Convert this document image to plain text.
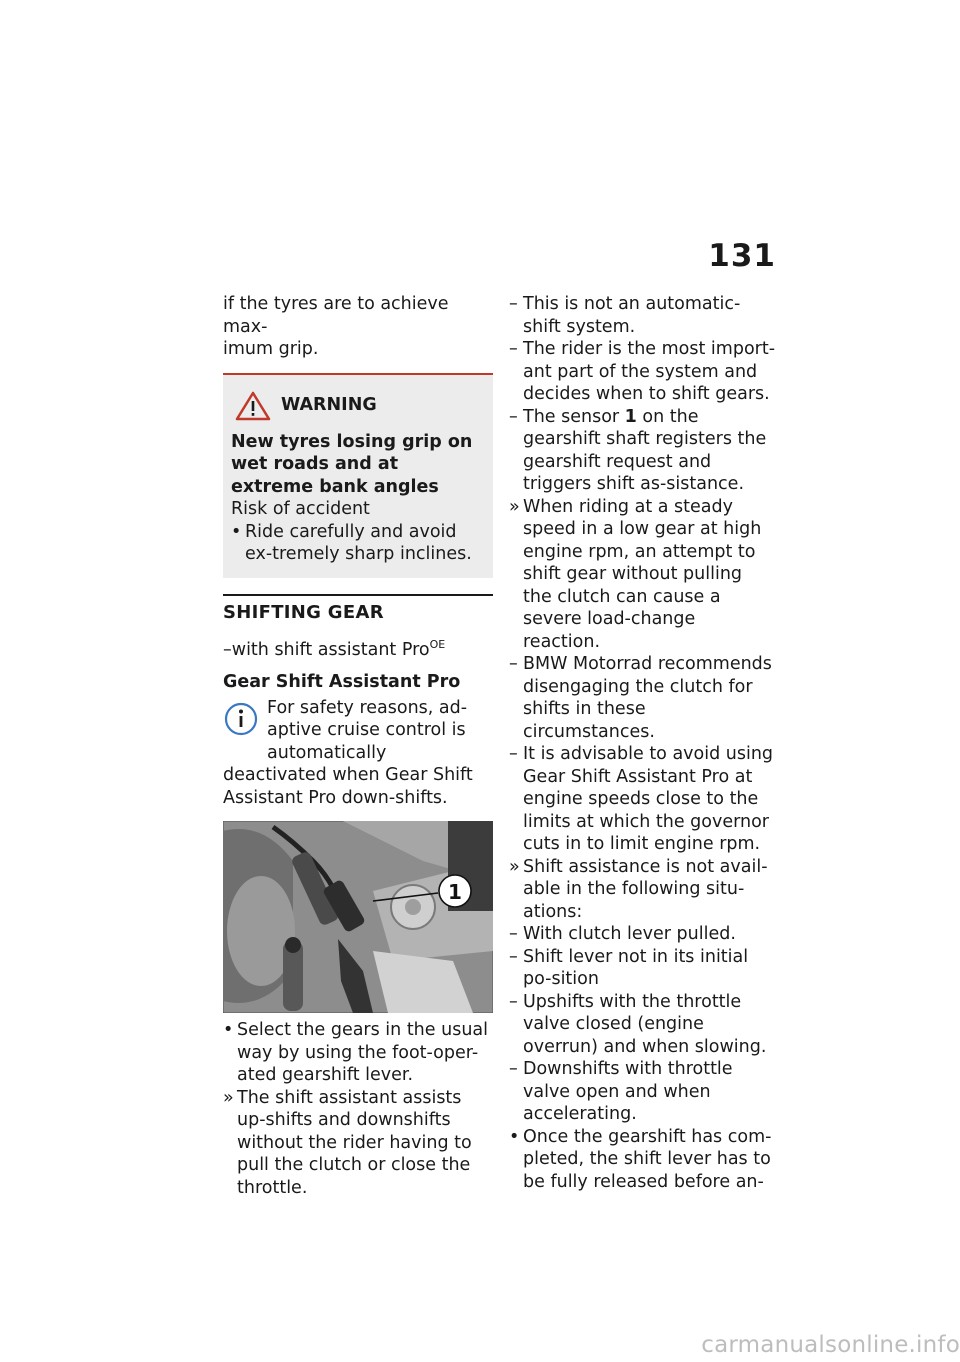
131

if the tyres are to achieve max-

imum grip.

WARNING

New tyres losing grip on wet roads and at extreme bank angles

Risk of accident

• Ride carefully and avoid ex-tremely sharp inclines.

SHIFTING GEAR

–with shift assistant Pro$^{OE}$

Gear Shift Assistant Pro

For safety reasons, ad-aptive cruise control is automatically deactivated when Gear Shift Assistant Pro down-shifts.
1
• Select the gears in the usual way by using the foot-oper-ated gearshift lever.
» The shift assistant assists up-shifts and downshifts without the rider having to pull the clutch or close the throttle.
– This is not an automatic-shift system.
– The rider is the most import-ant part of the system and decides when to shift gears.
– The sensor 1 on the gearshift shaft registers the gearshift request and triggers shift as-sistance.
» When riding at a steady speed in a low gear at high engine rpm, an attempt to shift gear without pulling the clutch can cause a severe load-change reaction.
– BMW Motorrad recommends disengaging the clutch for shifts in these circumstances.
– It is advisable to avoid using Gear Shift Assistant Pro at engine speeds close to the limits at which the governor cuts in to limit engine rpm.
» Shift assistance is not avail-able in the following situ-ations:
– With clutch lever pulled.
– Shift lever not in its initial po-sition
– Upshifts with the throttle valve closed (engine overrun) and when slowing.
– Downshifts with throttle valve open and when accelerating.
• Once the gearshift has com-pleted, the shift lever has to be fully released before an-
carmanualsonline.info
